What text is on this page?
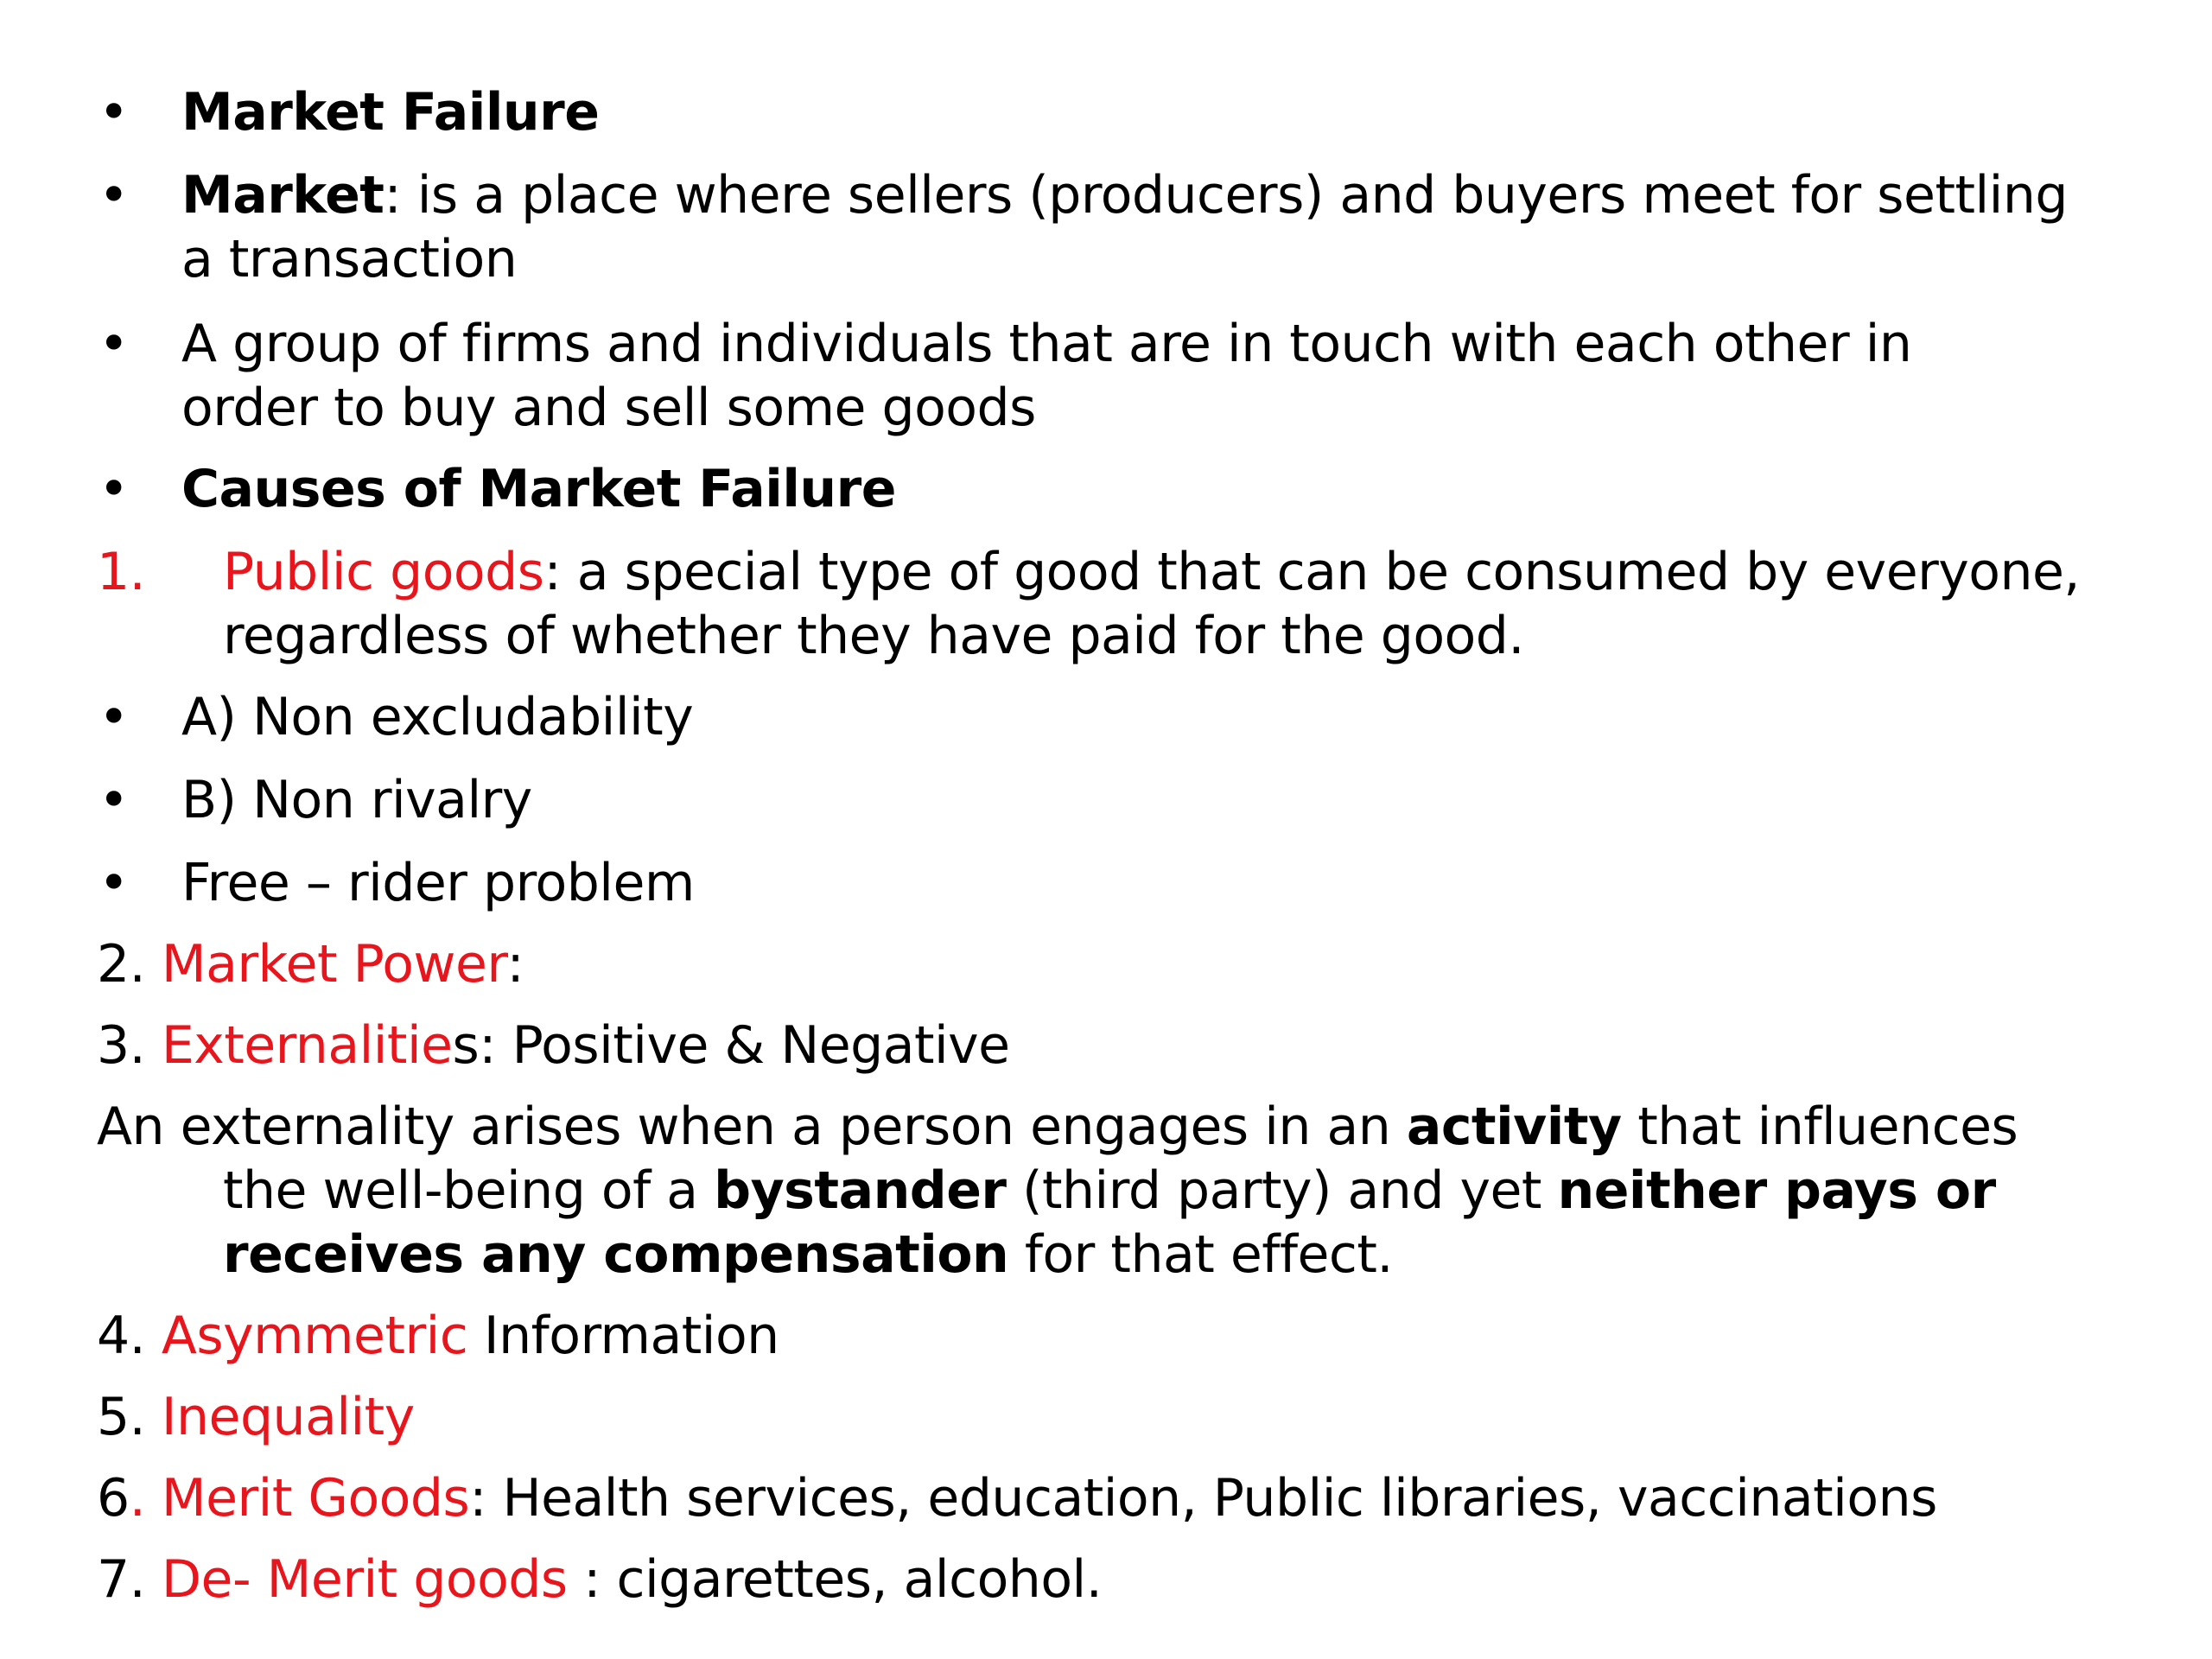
• Market Failure
• Market: is a place where sellers (producers) and buyers meet for settling
a transaction
• A group of firms and individuals that are in touch with each other in
order to buy and sell some goods
• Causes of Market Failure
1. Public goods: a special type of good that can be consumed by everyone,
regardless of whether they have paid for the good.
• A) Non excludability
• B) Non rivalry
• Free – rider problem
2. Market Power:
3. Externalities: Positive & Negative
An externality arises when a person engages in an activity that influences
the well-being of a bystander (third party) and yet neither pays or
receives any compensation for that effect.
4. Asymmetric Information
5. Inequality
6. Merit Goods: Health services, education, Public libraries, vaccinations
7. De- Merit goods : cigarettes, alcohol.
